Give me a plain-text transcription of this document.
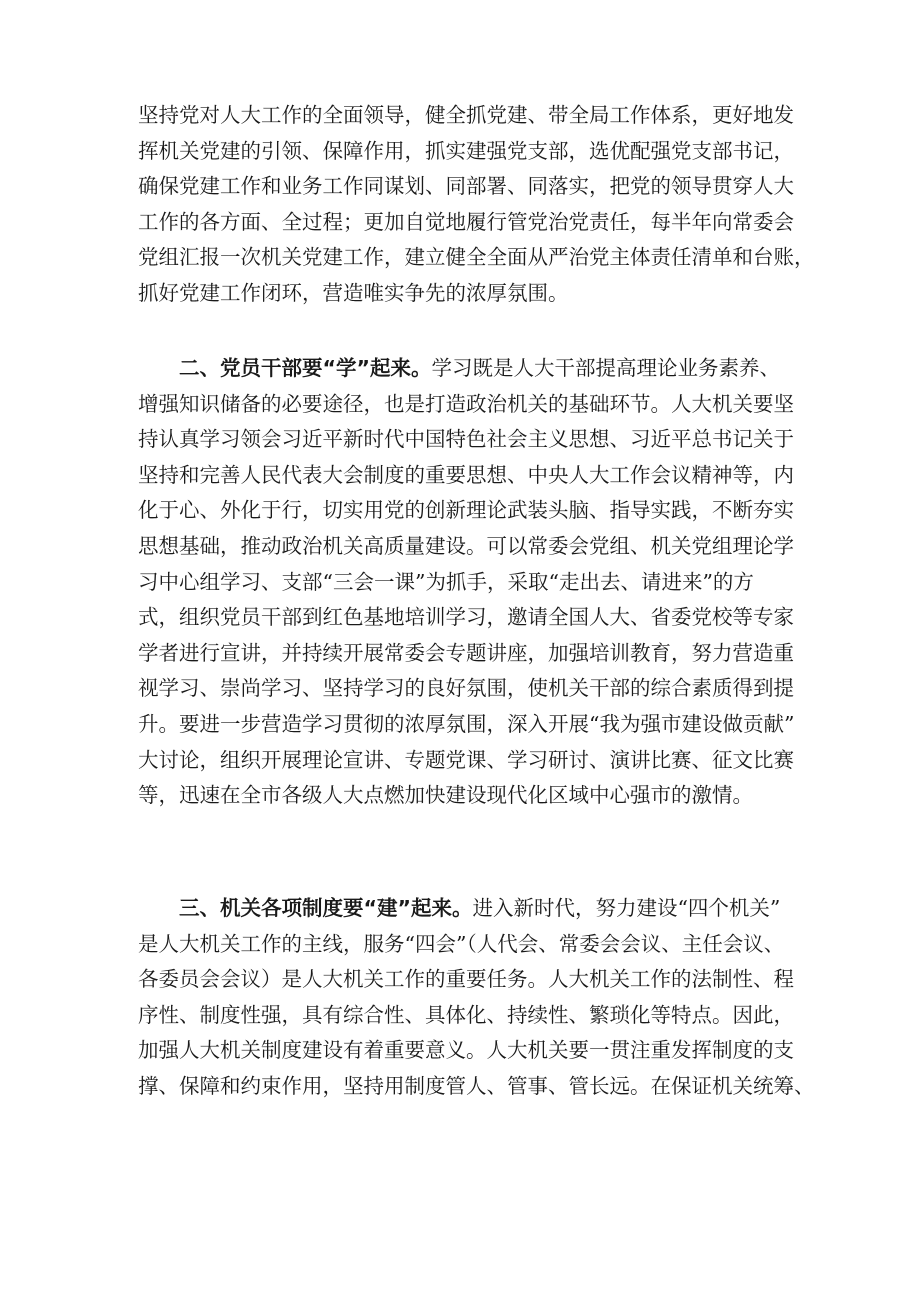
坚持党对人大工作的全面领导，健全抓党建、带全局工作体系，更好地发
挥机关党建的引领、保障作用，抓实建强党支部，选优配强党支部书记，
确保党建工作和业务工作同谋划、同部署、同落实，把党的领导贯穿人大
工作的各方面、全过程；更加自觉地履行管党治党责任，每半年向常委会
党组汇报一次机关党建工作，建立健全全面从严治党主体责任清单和台账，
抓好党建工作闭环，营造唯实争先的浓厚氛围。

二、党员干部要“学”起来。学习既是人大干部提高理论业务素养、
增强知识储备的必要途径，也是打造政治机关的基础环节。人大机关要坚
持认真学习领会习近平新时代中国特色社会主义思想、习近平总书记关于
坚持和完善人民代表大会制度的重要思想、中央人大工作会议精神等，内
化于心、外化于行，切实用党的创新理论武装头脑、指导实践，不断夯实
思想基础，推动政治机关高质量建设。可以常委会党组、机关党组理论学
习中心组学习、支部“三会一课”为抓手，采取“走出去、请进来”的方
式，组织党员干部到红色基地培训学习，邀请全国人大、省委党校等专家
学者进行宣讲，并持续开展常委会专题讲座，加强培训教育，努力营造重
视学习、崇尚学习、坚持学习的良好氛围，使机关干部的综合素质得到提
升。要进一步营造学习贯彻的浓厚氛围，深入开展“我为强市建设做贡献”
大讨论，组织开展理论宣讲、专题党课、学习研讨、演讲比赛、征文比赛
等，迅速在全市各级人大点燃加快建设现代化区域中心强市的激情。

三、机关各项制度要“建”起来。进入新时代，努力建设“四个机关”
是人大机关工作的主线，服务“四会”（人代会、常委会会议、主任会议、
各委员会会议）是人大机关工作的重要任务。人大机关工作的法制性、程
序性、制度性强，具有综合性、具体化、持续性、繁琐化等特点。因此，
加强人大机关制度建设有着重要意义。人大机关要一贯注重发挥制度的支
撑、保障和约束作用，坚持用制度管人、管事、管长远。在保证机关统筹、
